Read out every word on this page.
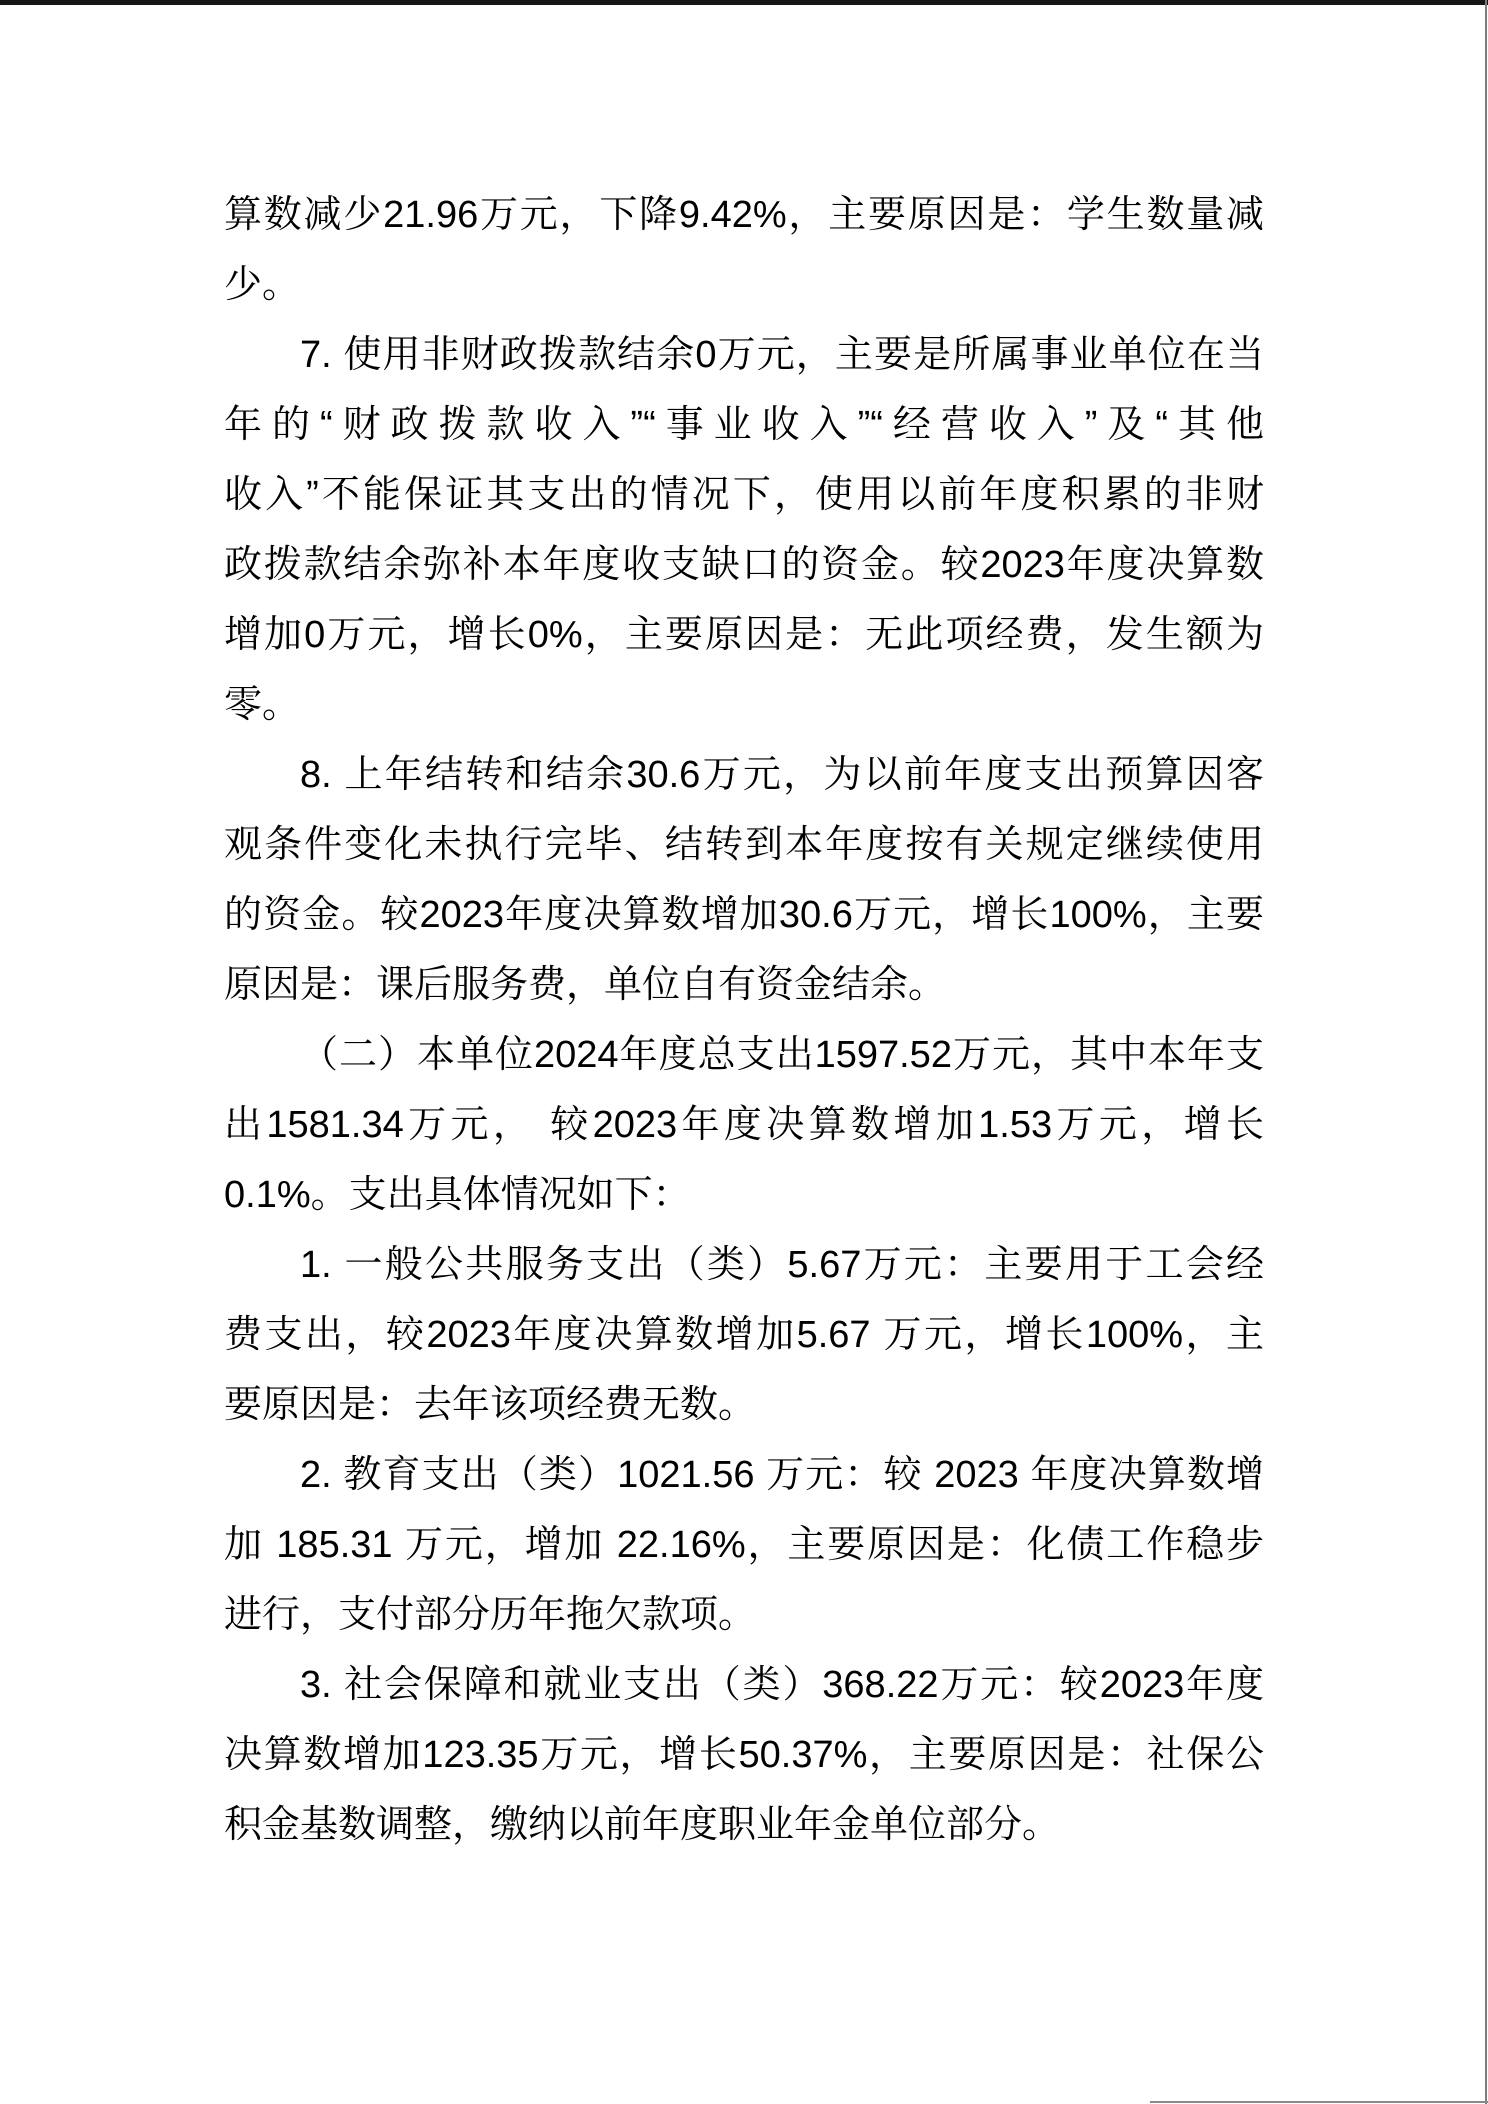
算数减少21.96万元，下降9.42%，主要原因是：学生数量减
少。
7. 使用非财政拨款结余0万元，主要是所属事业单位在当
年的“财政拨款收入”“事业收入”“经营收入”及“其他
收入”不能保证其支出的情况下，使用以前年度积累的非财
政拨款结余弥补本年度收支缺口的资金。较2023年度决算数
增加0万元，增长0%，主要原因是：无此项经费，发生额为
零。
8. 上年结转和结余30.6万元，为以前年度支出预算因客
观条件变化未执行完毕、结转到本年度按有关规定继续使用
的资金。较2023年度决算数增加30.6万元，增长100%，主要
原因是：课后服务费，单位自有资金结余。
（二）本单位2024年度总支出1597.52万元，其中本年支
出1581.34万元， 较2023年度决算数增加1.53万元，增长
0.1%。支出具体情况如下：
1. 一般公共服务支出（类）5.67万元：主要用于工会经
费支出，较2023年度决算数增加5.67 万元，增长100%，主
要原因是：去年该项经费无数。
2. 教育支出（类）1021.56 万元：较 2023 年度决算数增
加 185.31 万元，增加 22.16%，主要原因是：化债工作稳步
进行，支付部分历年拖欠款项。
3. 社会保障和就业支出（类）368.22万元：较2023年度
决算数增加123.35万元，增长50.37%，主要原因是：社保公
积金基数调整，缴纳以前年度职业年金单位部分。
